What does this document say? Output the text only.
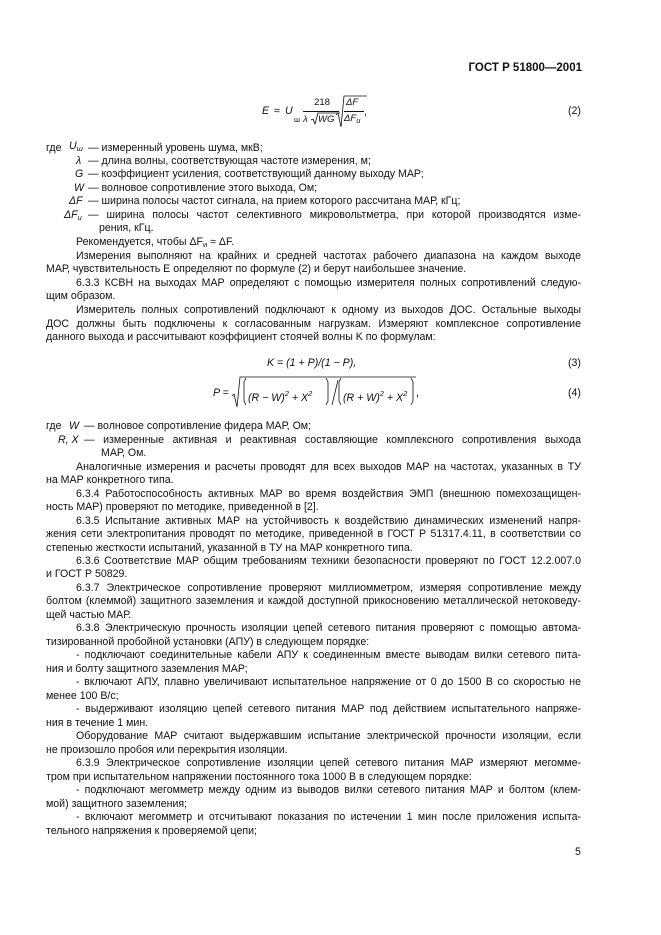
ГОСТ Р 51800—2001
E ≈ U
ш
218
λ WG
ΔF
$\Delta F_и$
,	(2)
где $U_ш$ — измеренный уровень шума, мкВ;
λ — длина волны, соответствующая частоте измерения, м;
G — коэффициент усиления, соответствующий данному выходу МАР;
W — волновое сопротивление этого выхода, Ом;
ΔF — ширина полосы частот сигнала, на прием которого рассчитана МАР, кГц;
$\Delta F_и$ — ширина полосы частот селективного микровольтметра, при которой производятся изме-
рения, кГц.
Рекомендуется, чтобы $\Delta F_и \approx \Delta F$.
Измерения выполняют на крайних и средней частотах рабочего диапазона на каждом выходе
МАР, чувствительность E определяют по формуле (2) и берут наибольшее значение.
6.3.3 КСВН на выходах МАР определяют с помощью измерителя полных сопротивлений следую-
щим образом.
Измеритель полных сопротивлений подключают к одному из выходов ДОС. Остальные выходы
ДОС должны быть подключены к согласованным нагрузкам. Измеряют комплексное сопротивление
данного выхода и рассчитывают коэффициент стоячей волны K по формулам:
K = (1 + P)/(1 − P),	(3)
$P = (R - W)^2 + X^2$	$(R + W)^2 + X^2$ ,	(4)
где W — волновое сопротивление фидера МАР, Ом;
R, X — измеренные активная и реактивная составляющие комплексного сопротивления выхода
МАР, Ом.
Аналогичные измерения и расчеты проводят для всех выходов МАР на частотах, указанных в ТУ
на МАР конкретного типа.
6.3.4 Работоспособность активных МАР во время воздействия ЭМП (внешнюю помехозащищен-
ность МАР) проверяют по методике, приведенной в [2].
6.3.5 Испытание активных МАР на устойчивость к воздействию динамических изменений напря-
жения сети электропитания проводят по методике, приведенной в ГОСТ Р 51317.4.11, в соответствии со
степенью жесткости испытаний, указанной в ТУ на МАР конкретного типа.
6.3.6 Соответствие МАР общим требованиям техники безопасности проверяют по ГОСТ 12.2.007.0
и ГОСТ Р 50829.
6.3.7 Электрическое сопротивление проверяют миллиомметром, измеряя сопротивление между
болтом (клеммой) защитного заземления и каждой доступной прикосновению металлической нетоковеду-
щей частью МАР.
6.3.8 Электрическую прочность изоляции цепей сетевого питания проверяют с помощью автома-
тизированной пробойной установки (АПУ) в следующем порядке:
- подключают соединительные кабели АПУ к соединенным вместе выводам вилки сетевого пита-
ния и болту защитного заземления МАР;
- включают АПУ, плавно увеличивают испытательное напряжение от 0 до 1500 В со скоростью не
менее 100 В/с;
- выдерживают изоляцию цепей сетевого питания МАР под действием испытательного напряже-
ния в течение 1 мин.
Оборудование МАР считают выдержавшим испытание электрической прочности изоляции, если
не произошло пробоя или перекрытия изоляции.
6.3.9 Электрическое сопротивление изоляции цепей сетевого питания МАР измеряют мегомме-
тром при испытательном напряжении постоянного тока 1000 В в следующем порядке:
- подключают мегомметр между одним из выводов вилки сетевого питания МАР и болтом (клем-
мой) защитного заземления;
- включают мегомметр и отсчитывают показания по истечении 1 мин после приложения испыта-
тельного напряжения к проверяемой цепи;
5
